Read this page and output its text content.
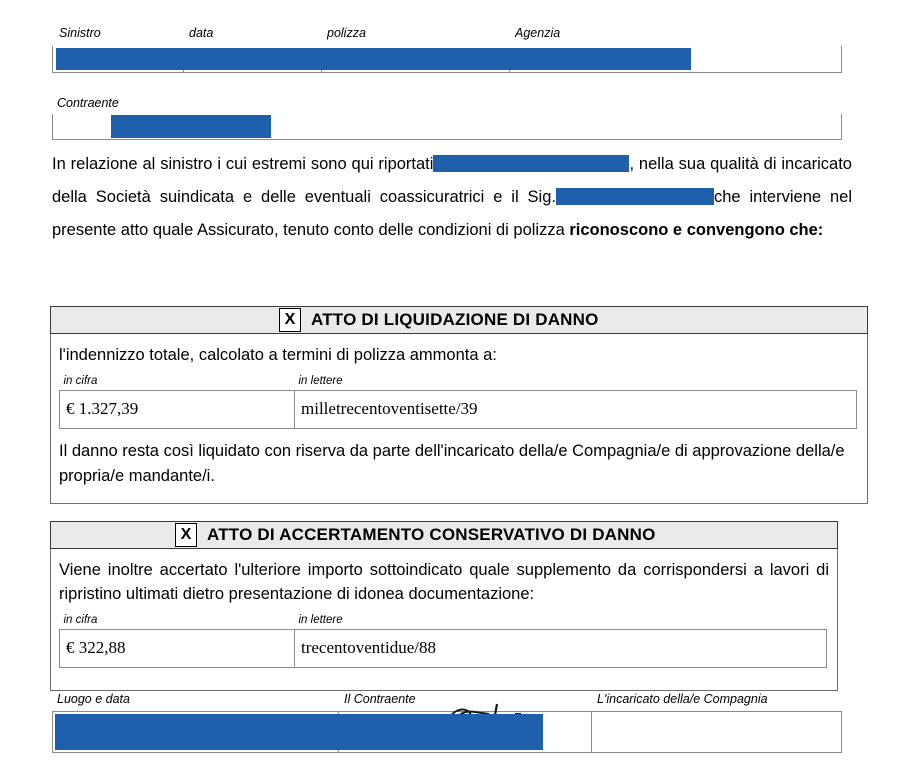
Sinistro	data	polizza	Agenzia
Contraente
In relazione al sinistro i cui estremi sono qui riportati	, nella sua qualità di incaricato della Società suindicata e delle eventuali coassicuratrici e il Sig.	che interviene nel presente atto quale Assicurato, tenuto conto delle condizioni di polizza riconoscono e convengono che:
X ATTO DI LIQUIDAZIONE DI DANNO
l'indennizzo totale, calcolato a termini di polizza ammonta a:
in cifra	in lettere
€ 1.327,39	milletrecentoventisette/39
Il danno resta così liquidato con riserva da parte dell'incaricato della/e Compagnia/e di approvazione della/e propria/e mandante/i.
X ATTO DI ACCERTAMENTO CONSERVATIVO DI DANNO
Viene inoltre accertato l'ulteriore importo sottoindicato quale supplemento da corrispondersi a lavori di ripristino ultimati dietro presentazione di idonea documentazione:
in cifra	in lettere
€ 322,88	trecentoventidue/88
Luogo e data	Il Contraente	L'incaricato della/e Compagnia
